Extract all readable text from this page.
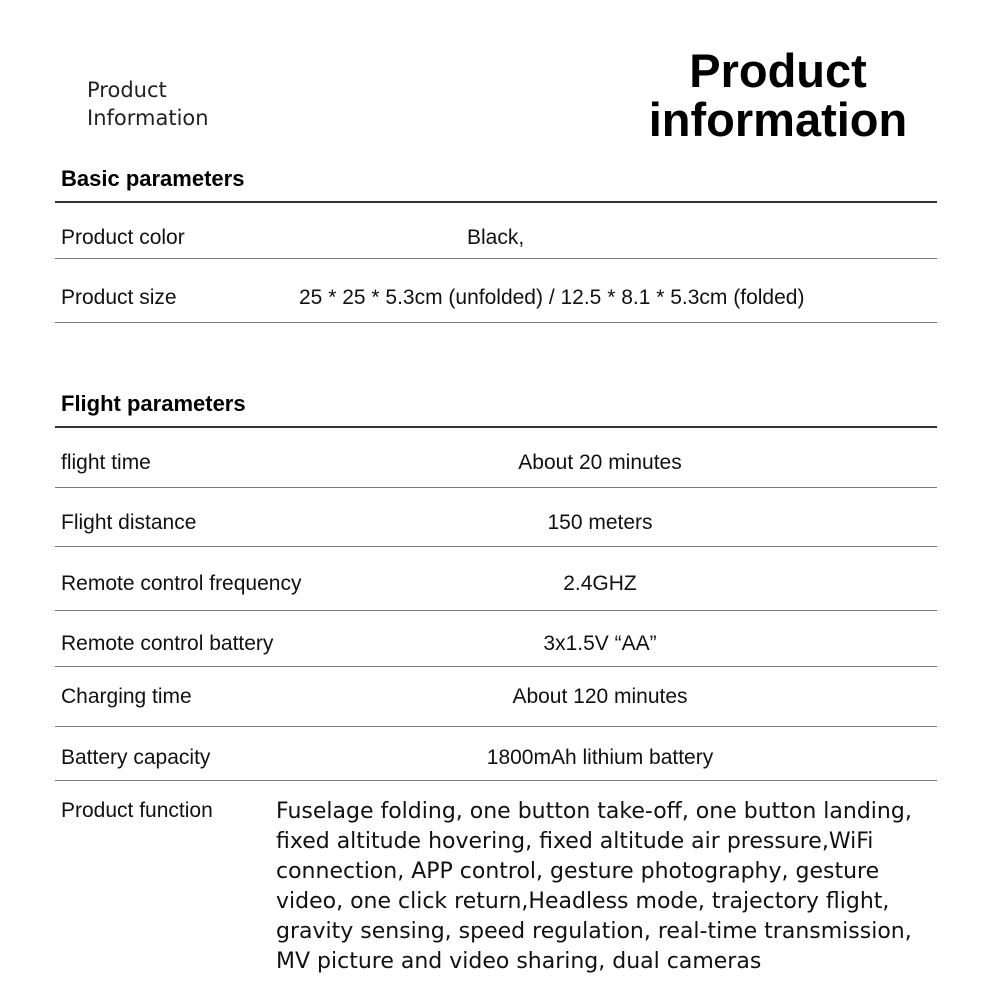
Product
Information
Product
information
Basic parameters
Product color	Black,
Product size	25 * 25 * 5.3cm (unfolded) / 12.5 * 8.1 * 5.3cm (folded)
Flight parameters
flight time	About 20 minutes
Flight distance	150 meters
Remote control frequency	2.4GHZ
Remote control battery	3x1.5V “AA”
Charging time	About 120 minutes
Battery capacity	1800mAh lithium battery
Product function	Fuselage folding, one button take-off, one button landing,
fixed altitude hovering, fixed altitude air pressure,WiFi
connection, APP control, gesture photography, gesture
video, one click return,Headless mode, trajectory flight,
gravity sensing, speed regulation, real-time transmission,
MV picture and video sharing, dual cameras
